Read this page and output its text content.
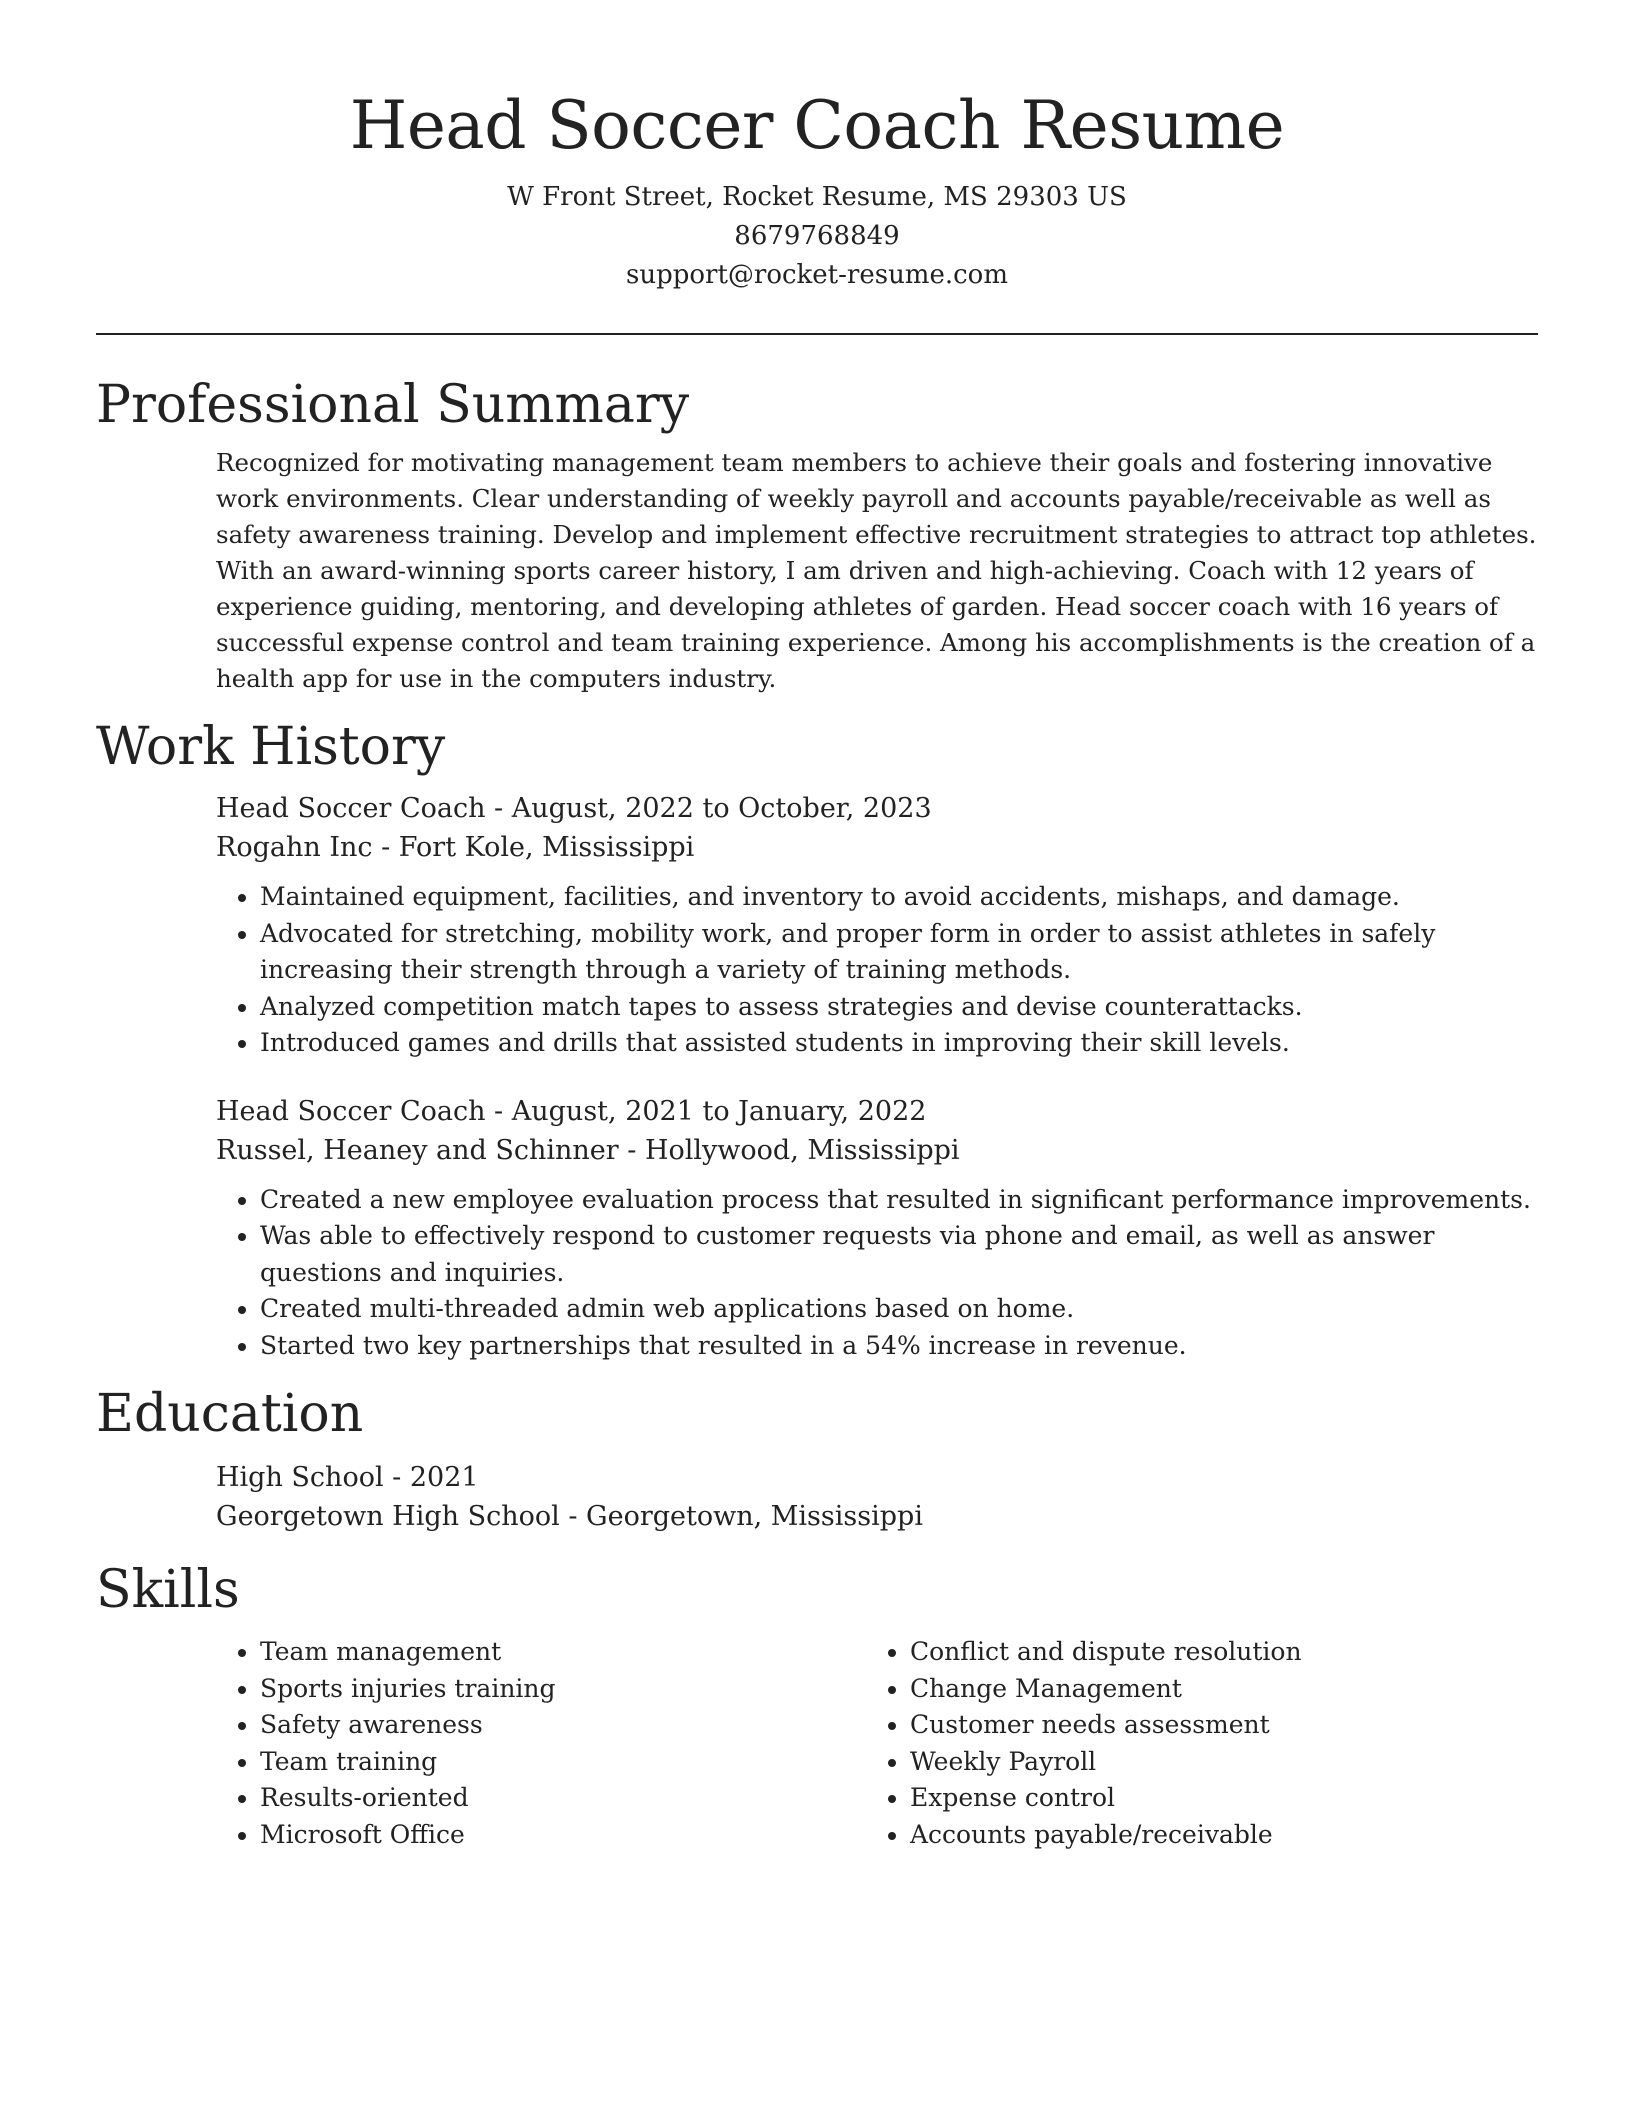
Head Soccer Coach Resume

W Front Street, Rocket Resume, MS 29303 US

8679768849

support@rocket-resume.com

Professional Summary

Recognized for motivating management team members to achieve their goals and fostering innovative work environments. Clear understanding of weekly payroll and accounts payable/receivable as well as safety awareness training. Develop and implement effective recruitment strategies to attract top athletes. With an award-winning sports career history, I am driven and high-achieving. Coach with 12 years of experience guiding, mentoring, and developing athletes of garden. Head soccer coach with 16 years of successful expense control and team training experience. Among his accomplishments is the creation of a health app for use in the computers industry.

Work History

Head Soccer Coach - August, 2022 to October, 2023

Rogahn Inc - Fort Kole, Mississippi

• Maintained equipment, facilities, and inventory to avoid accidents, mishaps, and damage.
• Advocated for stretching, mobility work, and proper form in order to assist athletes in safely increasing their strength through a variety of training methods.
• Analyzed competition match tapes to assess strategies and devise counterattacks.
• Introduced games and drills that assisted students in improving their skill levels.

Head Soccer Coach - August, 2021 to January, 2022

Russel, Heaney and Schinner - Hollywood, Mississippi

• Created a new employee evaluation process that resulted in significant performance improvements.
• Was able to effectively respond to customer requests via phone and email, as well as answer questions and inquiries.
• Created multi-threaded admin web applications based on home.
• Started two key partnerships that resulted in a 54% increase in revenue.
Education

High School - 2021

Georgetown High School - Georgetown, Mississippi

Skills
• Team management
• Sports injuries training
• Safety awareness
• Team training
• Results-oriented
• Microsoft Office
• Conflict and dispute resolution
• Change Management
• Customer needs assessment
• Weekly Payroll
• Expense control
• Accounts payable/receivable
